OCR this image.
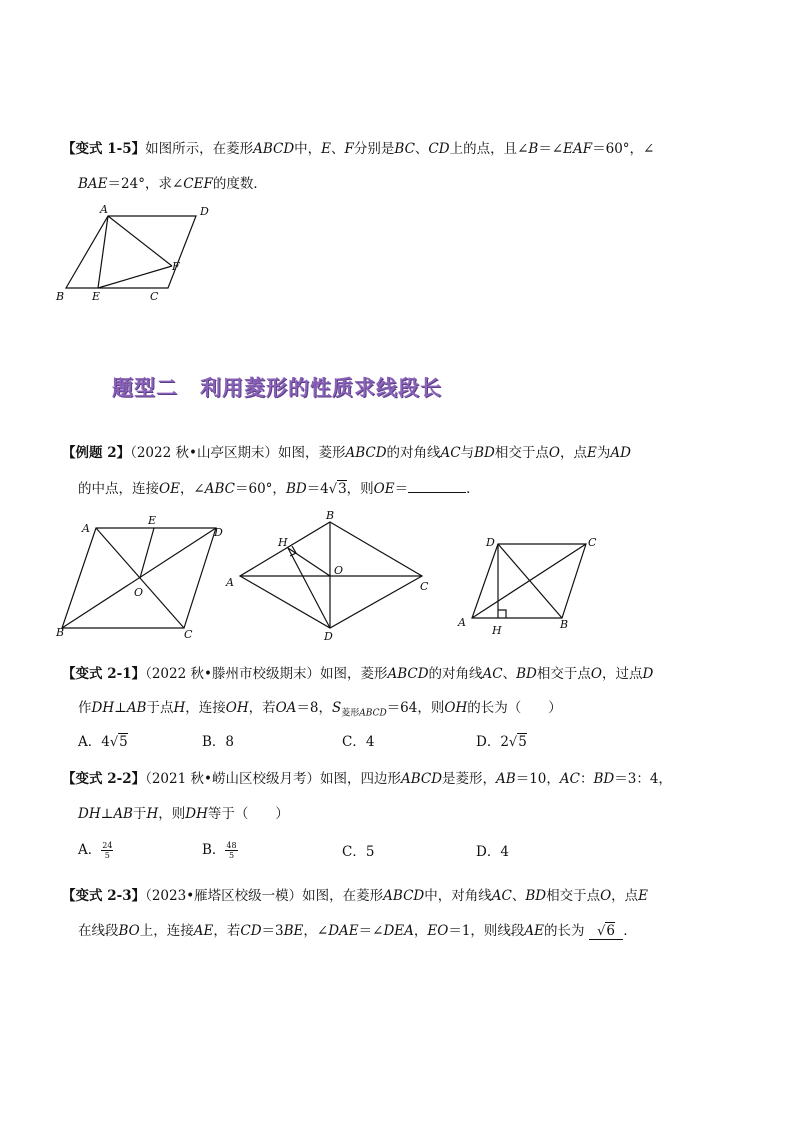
【变式 1-5】如图所示，在菱形ABCD中，E、F分别是BC、CD上的点，且∠B＝∠EAF＝60°，∠
BAE＝24°，求∠CEF的度数．
A	D
F
B	E	C
题型二　利用菱形的性质求线段长
【例题 2】（2022 秋•山亭区期末）如图，菱形ABCD的对角线AC与BD相交于点O，点E为AD
的中点，连接OE，∠ABC＝60°，BD＝4√3，则OE＝	．
A
E
D
O
B	C
B
H
O
A	C
D
D	C
A
H	B
【变式 2-1】（2022 秋•滕州市校级期末）如图，菱形ABCD的对角线AC、BD相交于点O，过点D
作DH⊥AB于点H，连接OH，若OA＝8，$S_{菱形ABCD}=64$，则OH的长为（　　）
A．4√5	B．8	C．4	D．2√5
【变式 2-2】（2021 秋•崂山区校级月考）如图，四边形ABCD是菱形，AB＝10，AC：BD＝3：4，
DH⊥AB于H，则DH等于（　　）
A． $\frac{24}{5}$	B． $\frac{48}{5}$	C．5	D．4
【变式 2-3】（2023•雁塔区校级一模）如图，在菱形ABCD中，对角线AC、BD相交于点O，点E
在线段BO上，连接AE，若CD＝3BE，∠DAE＝∠DEA，EO＝1，则线段AE的长为 √6 ．
